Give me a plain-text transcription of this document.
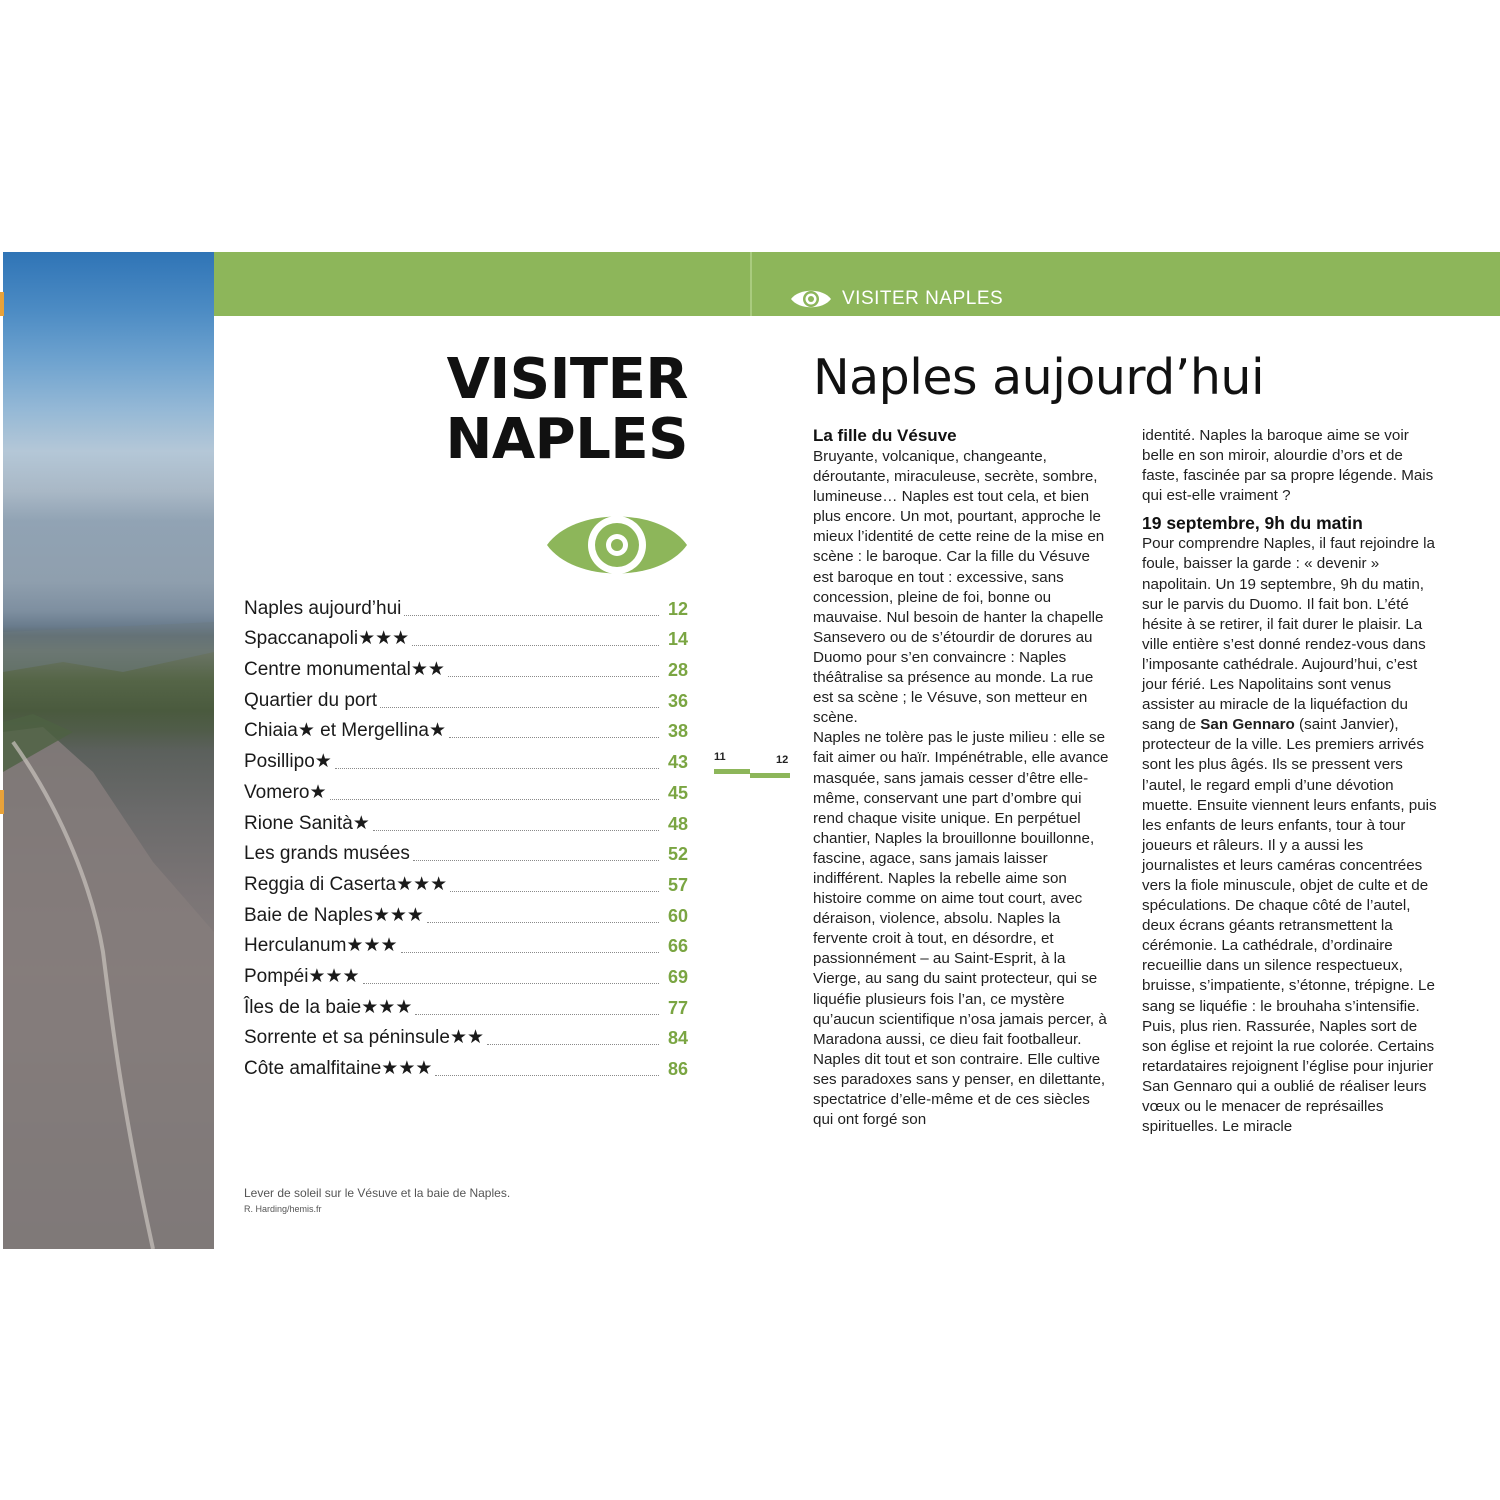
VISITER NAPLES
VISITER
NAPLES
Naples aujourd’hui	12
Spaccanapoli★★★	14
Centre monumental★★	28
Quartier du port	36
Chiaia★ et Mergellina★	38
Posillipo★	43
Vomero★	45
Rione Sanità★	48
Les grands musées	52
Reggia di Caserta★★★	57
Baie de Naples★★★	60
Herculanum★★★	66
Pompéi★★★	69
Îles de la baie★★★	77
Sorrente et sa péninsule★★	84
Côte amalfitaine★★★	86
Lever de soleil sur le Vésuve et la baie de Naples.
R. Harding/hemis.fr
11	12
Naples aujourd’hui
La fille du Vésuve

Bruyante, volcanique, changeante, déroutante, miraculeuse, secrète, sombre, lumineuse… Naples est tout cela, et bien plus encore. Un mot, pourtant, approche le mieux l’identité de cette reine de la mise en scène : le baroque. Car la fille du Vésuve est baroque en tout : excessive, sans concession, pleine de foi, bonne ou mauvaise. Nul besoin de hanter la chapelle Sansevero ou de s’étourdir de dorures au Duomo pour s’en convaincre : Naples théâtralise sa présence au monde. La rue est sa scène ; le Vésuve, son metteur en scène.

Naples ne tolère pas le juste milieu : elle se fait aimer ou haïr. Impénétrable, elle avance masquée, sans jamais cesser d’être elle-même, conservant une part d’ombre qui rend chaque visite unique. En perpétuel chantier, Naples la brouillonne bouillonne, fascine, agace, sans jamais laisser indifférent. Naples la rebelle aime son histoire comme on aime tout court, avec déraison, violence, absolu. Naples la fervente croit à tout, en désordre, et passionnément – au Saint-Esprit, à la Vierge, au sang du saint protecteur, qui se liquéfie plusieurs fois l’an, ce mystère qu’aucun scientifique n’osa jamais percer, à Maradona aussi, ce dieu fait footballeur.

Naples dit tout et son contraire. Elle cultive ses paradoxes sans y penser, en dilettante, spectatrice d’elle-même et de ces siècles qui ont forgé son

identité. Naples la baroque aime se voir belle en son miroir, alourdie d’ors et de faste, fascinée par sa propre légende. Mais qui est-elle vraiment ?

19 septembre, 9h du matin

Pour comprendre Naples, il faut rejoindre la foule, baisser la garde : « devenir » napolitain. Un 19 septembre, 9h du matin, sur le parvis du Duomo. Il fait bon. L’été hésite à se retirer, il fait durer le plaisir. La ville entière s’est donné rendez-vous dans l’imposante cathédrale. Aujourd’hui, c’est jour férié. Les Napolitains sont venus assister au miracle de la liquéfaction du sang de San Gennaro (saint Janvier), protecteur de la ville. Les premiers arrivés sont les plus âgés. Ils se pressent vers l’autel, le regard empli d’une dévotion muette. Ensuite viennent leurs enfants, puis les enfants de leurs enfants, tour à tour joueurs et râleurs. Il y a aussi les journalistes et leurs caméras concentrées vers la fiole minuscule, objet de culte et de spéculations. De chaque côté de l’autel, deux écrans géants retransmettent la cérémonie. La cathédrale, d’ordinaire recueillie dans un silence respectueux, bruisse, s’impatiente, s’étonne, trépigne. Le sang se liquéfie : le brouhaha s’intensifie. Puis, plus rien. Rassurée, Naples sort de son église et rejoint la rue colorée. Certains retardataires rejoignent l’église pour injurier San Gennaro qui a oublié de réaliser leurs vœux ou le menacer de représailles spirituelles. Le miracle
